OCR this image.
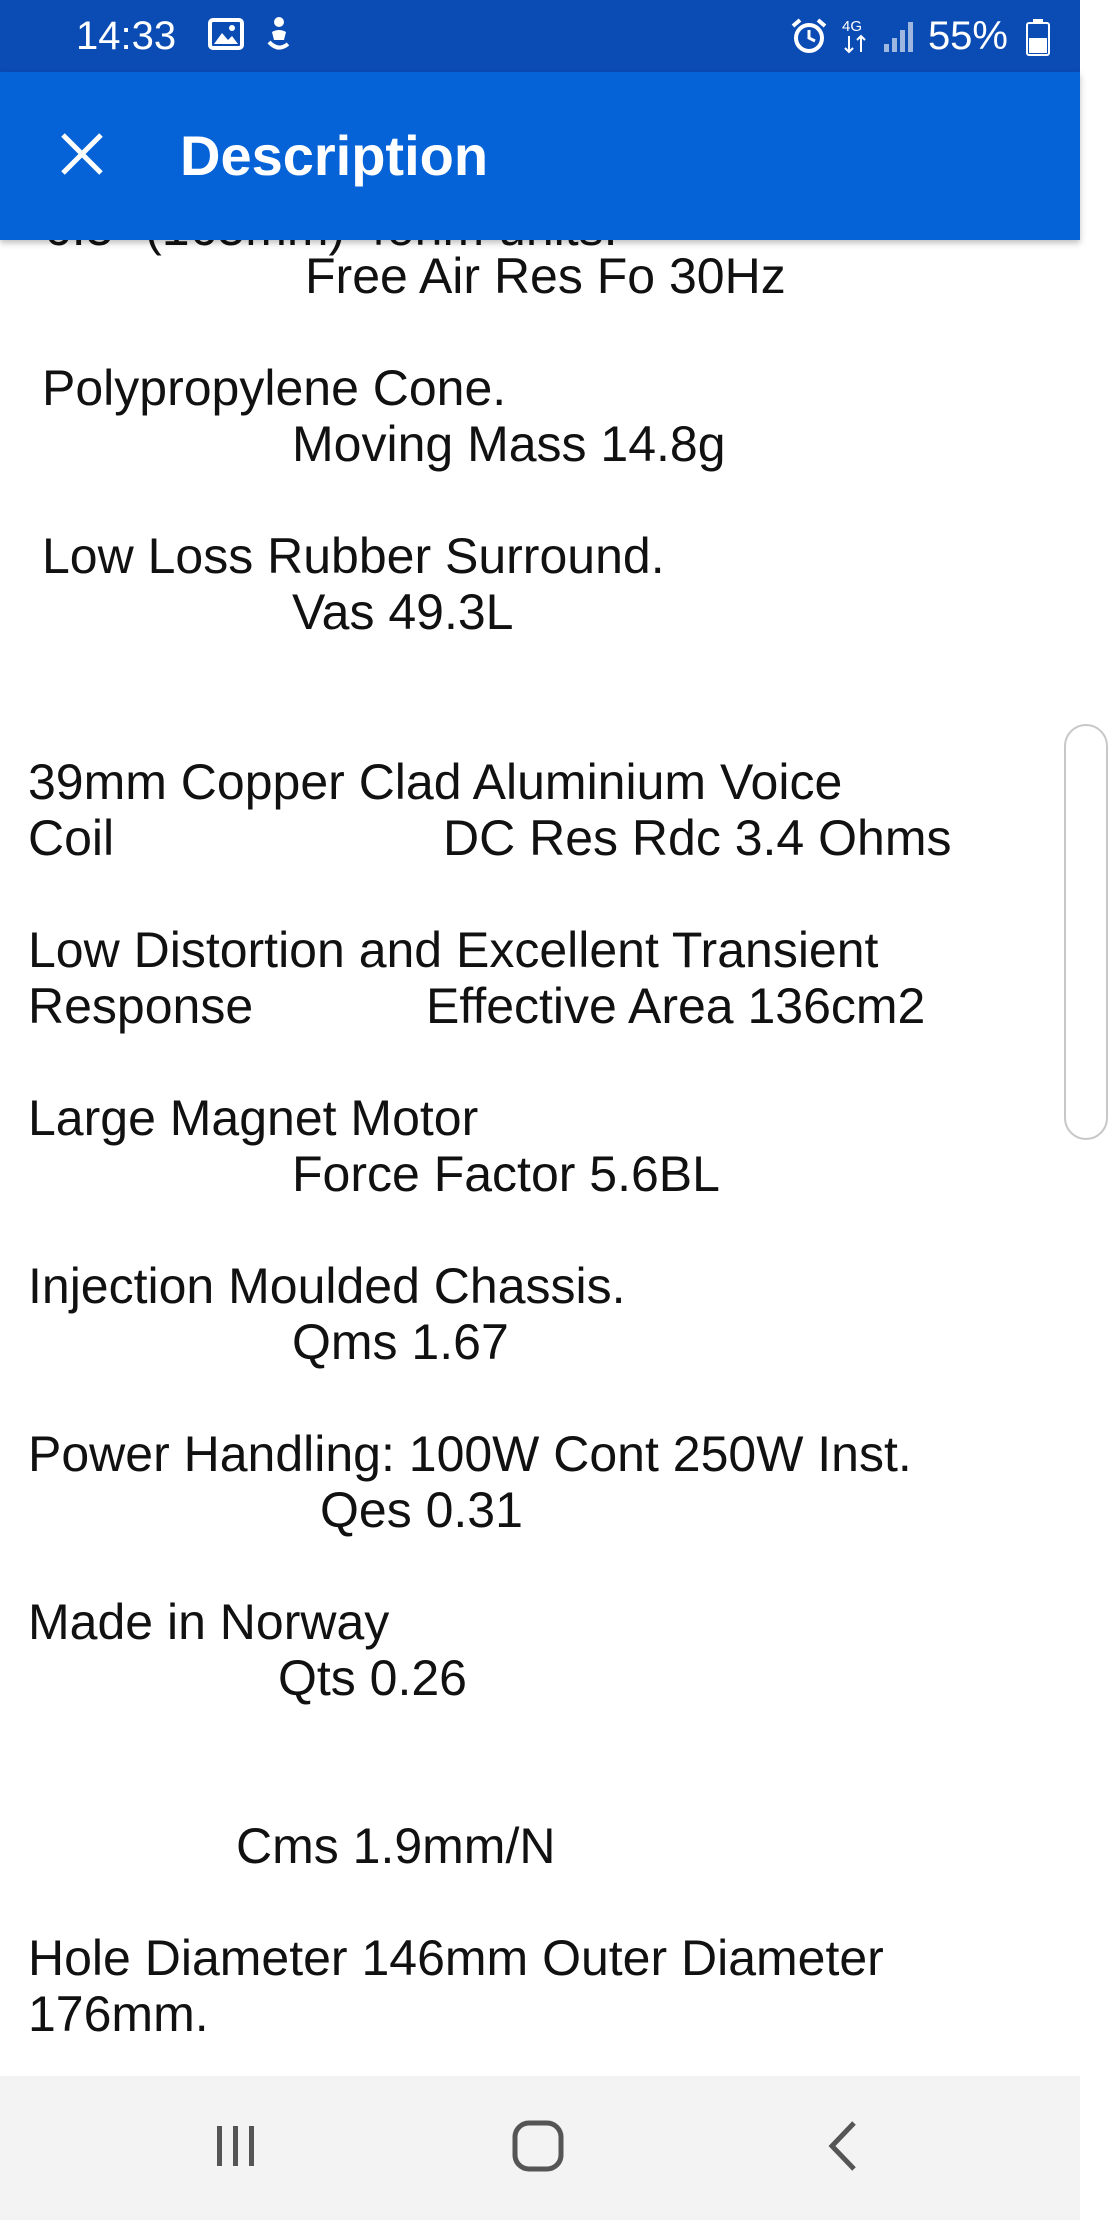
14:33	4G 55%
Description
Free Air Res Fo 30Hz
Polypropylene Cone.
Moving Mass 14.8g
Low Loss Rubber Surround.
Vas 49.3L
39mm Copper Clad Aluminium Voice
Coil	DC Res Rdc 3.4 Ohms
Low Distortion and Excellent Transient
Response	Effective Area 136cm2
Large Magnet Motor
Force Factor 5.6BL
Injection Moulded Chassis.
Qms 1.67
Power Handling: 100W Cont 250W Inst.
Qes 0.31
Made in Norway
Qts 0.26
Cms 1.9mm/N
Hole Diameter 146mm Outer Diameter
176mm.
